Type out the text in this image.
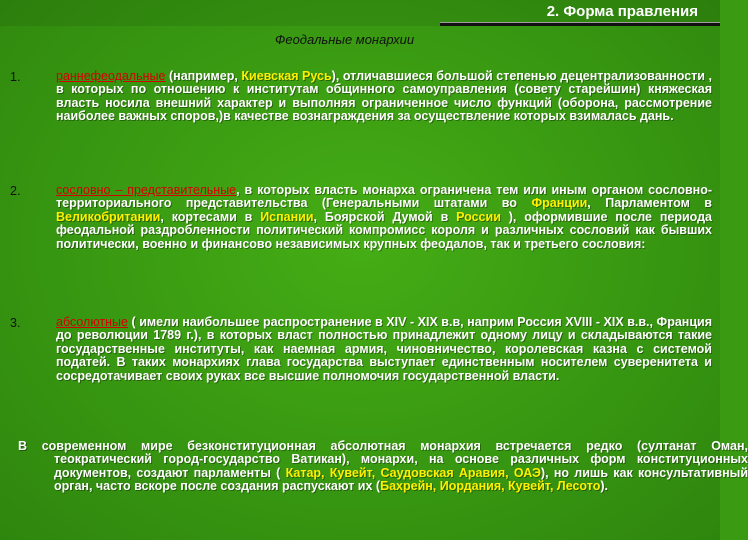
2. Форма правления
Феодальные монархии
1.	раннефеодальные (например, Киевская Русь), отличавшиеся большой степенью децентрализованности , в которых по отношению к институтам общинного самоуправления (совету старейшин) княжеская власть носила внешний характер и выполняя ограниченное число функций (оборона, рассмотрение наиболее важных споров,)в качестве вознаграждения за осуществление которых взималась дань.

2.	сословно – представительные, в которых власть монарха ограничена тем или иным органом сословно-территориального представительства (Генеральными штатами во Франции, Парламентом в Великобритании, кортесами в Испании, Боярской Думой в России ), оформившие после периода феодальной раздробленности политический компромисс короля и различных сословий как бывших политически, военно и финансово независимых крупных феодалов, так и третьего сословия:

3.	абсолютные ( имели наибольшее распространение в XIV - XIX в.в, наприм Россия XVIII - XIX в.в., Франция до революции 1789 г.), в которых власт полностью принадлежит одному лицу и складываются такие государственные институты, как наемная армия, чиновничество, королевская казна с системой податей. В таких монархиях глава государства выступает единственным носителем суверенитета и сосредотачивает своих руках все высшие полномочия государственной власти.

В современном мире безконституционная абсолютная монархия встречается редко (султанат Оман, теократический город-государство Ватикан), монархи, на основе различных форм конституционных документов, создают парламенты ( Катар, Кувейт, Саудовская Аравия, ОАЭ), но лишь как консультативный орган, часто вскоре после создания распускают их (Бахрейн, Иордания, Кувейт, Лесото).
